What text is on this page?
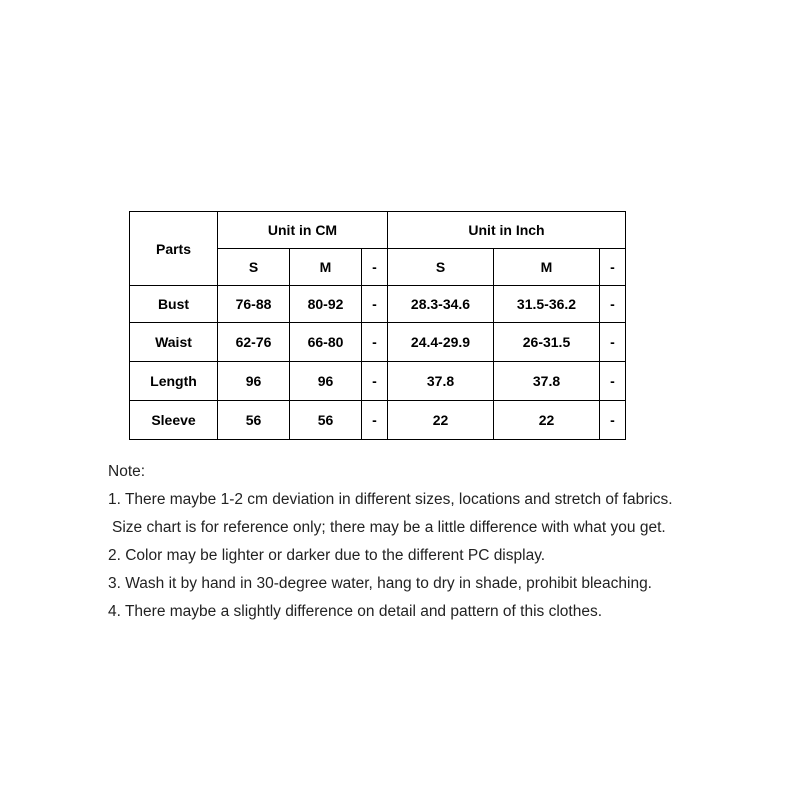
Parts	Unit in CM			Unit in Inch		
	S	M	-	S	M	-
Bust	76-88	80-92	-	28.3-34.6	31.5-36.2	-
Waist	62-76	66-80	-	24.4-29.9	26-31.5	-
Length	96	96	-	37.8	37.8	-
Sleeve	56	56	-	22	22	-
Note:
1. There maybe 1-2 cm deviation in different sizes, locations and stretch of fabrics.
Size chart is for reference only; there may be a little difference with what you get.
2. Color may be lighter or darker due to the different PC display.
3. Wash it by hand in 30-degree water, hang to dry in shade, prohibit bleaching.
4. There maybe a slightly difference on detail and pattern of this clothes.
